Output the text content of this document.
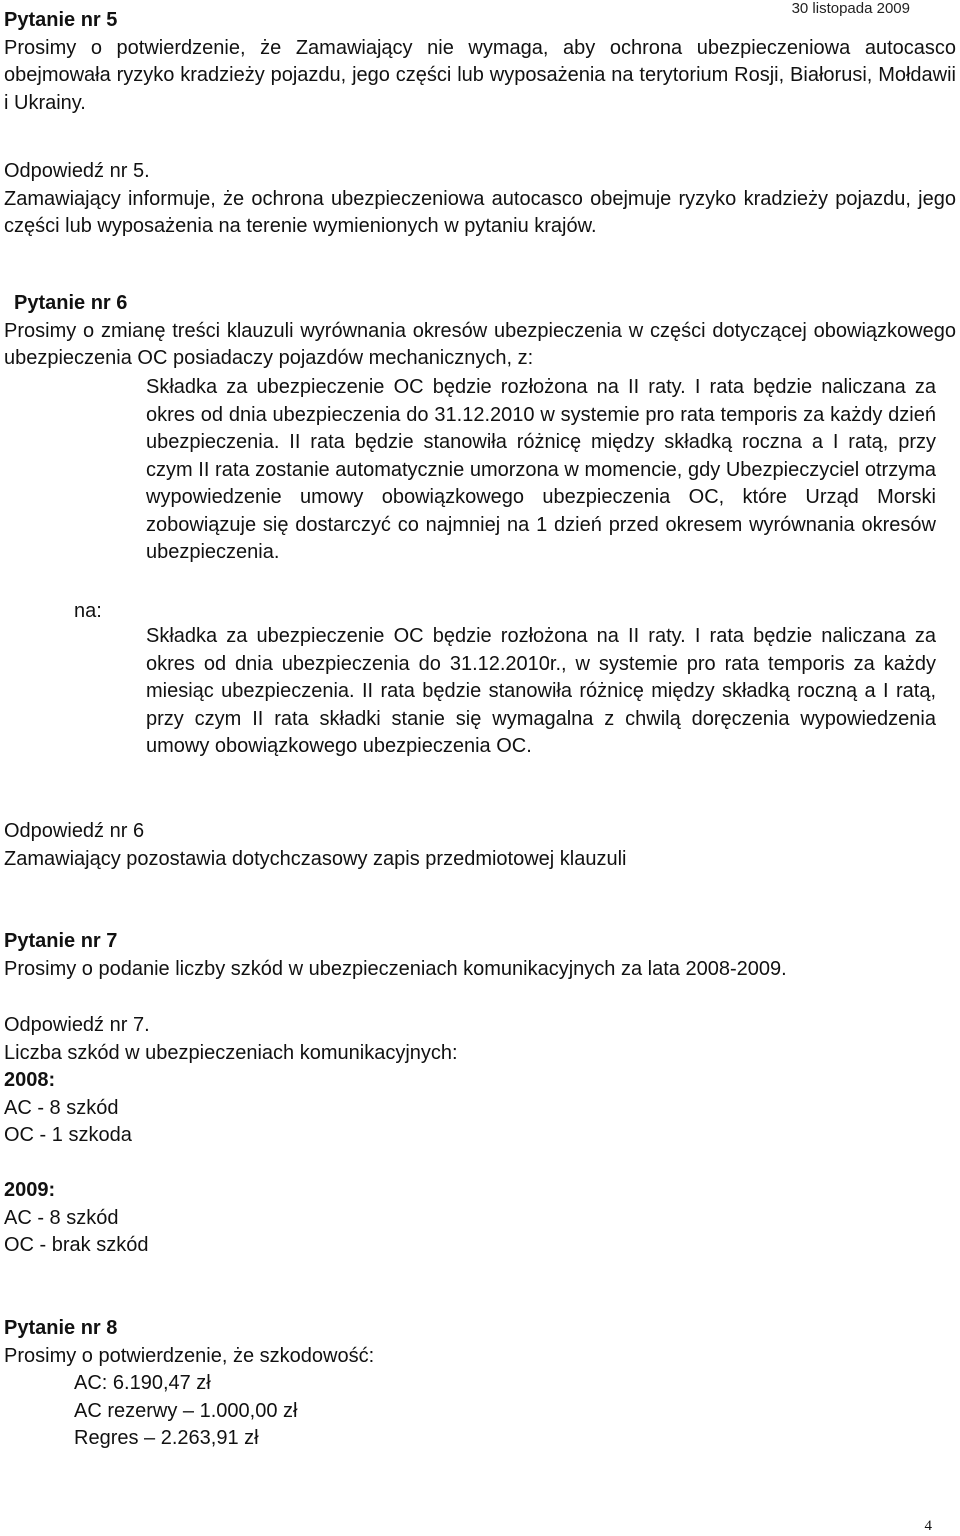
30 listopada 2009

Pytanie nr 5

Prosimy o potwierdzenie, że Zamawiający nie wymaga, aby ochrona ubezpieczeniowa autocasco obejmowała ryzyko kradzieży pojazdu, jego części lub wyposażenia na terytorium Rosji, Białorusi, Mołdawii i Ukrainy.

Odpowiedź nr 5.

Zamawiający informuje, że ochrona ubezpieczeniowa autocasco obejmuje ryzyko kradzieży pojazdu, jego części lub wyposażenia na terenie wymienionych w pytaniu krajów.

Pytanie nr 6

Prosimy o zmianę treści klauzuli wyrównania okresów ubezpieczenia w części dotyczącej obowiązkowego ubezpieczenia OC posiadaczy pojazdów mechanicznych, z:

Składka za ubezpieczenie OC będzie rozłożona na II raty. I rata będzie naliczana za okres od dnia ubezpieczenia do 31.12.2010 w systemie pro rata temporis za każdy dzień ubezpieczenia. II rata będzie stanowiła różnicę między składką roczna a I ratą, przy czym II rata zostanie automatycznie umorzona w momencie, gdy Ubezpieczyciel otrzyma wypowiedzenie umowy obowiązkowego ubezpieczenia OC, które Urząd Morski zobowiązuje się dostarczyć co najmniej na 1 dzień przed okresem wyrównania okresów ubezpieczenia.

na:

Składka za ubezpieczenie OC będzie rozłożona na II raty. I rata będzie naliczana za okres od dnia ubezpieczenia do 31.12.2010r., w systemie pro rata temporis za każdy miesiąc ubezpieczenia. II rata będzie stanowiła różnicę między składką roczną a I ratą, przy czym II rata składki stanie się wymagalna z chwilą doręczenia wypowiedzenia umowy obowiązkowego ubezpieczenia OC.

Odpowiedź nr 6

Zamawiający pozostawia dotychczasowy zapis przedmiotowej klauzuli

Pytanie nr 7

Prosimy o podanie liczby szkód w ubezpieczeniach komunikacyjnych za lata 2008-2009.

Odpowiedź nr 7.

Liczba szkód w ubezpieczeniach komunikacyjnych:

2008:

AC - 8 szkód

OC - 1 szkoda

2009:

AC - 8 szkód

OC - brak szkód

Pytanie nr 8

Prosimy o potwierdzenie, że szkodowość:

AC: 6.190,47 zł

AC rezerwy – 1.000,00 zł

Regres – 2.263,91 zł

4
